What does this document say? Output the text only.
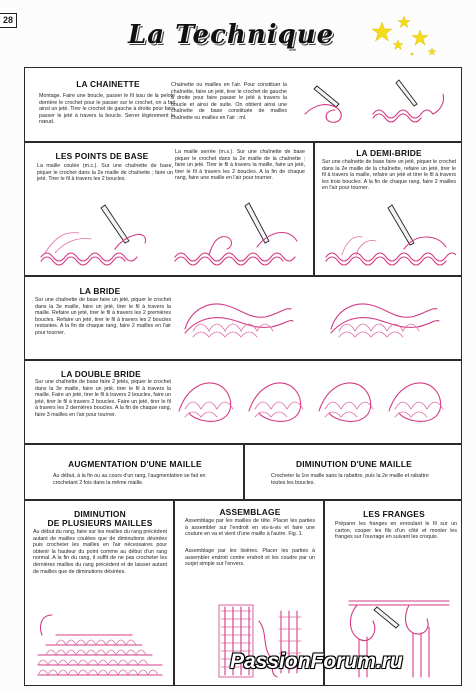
28	La Technique
LA CHAINETTE
Montage. Faire une boucle, passer le fil issu de la pelote derrière le crochet pour le passer sur le crochet, on a fait ainsi un jeté. Tirer le crochet de gauche à droite pour faire passer le jeté à travers la boucle. Serrer légèrement le nœud.
Chaînette ou mailles en l'air. Pour constituer la chaînette, faire un jeté, tirer le crochet de gauche à droite pour faire passer le jeté à travers la boucle et ainsi de suite. On obtient ainsi une chaînette de base constituée de mailles chaînette ou mailles en l'air : ml.
LES POINTS DE BASE
La maille coulée (m.c.). Sur une chaînette de base, piquer le crochet dans la 2e maille de chaînette ; faire un jeté. Tirer le fil à travers les 2 boucles.
La maille serrée (m.s.). Sur une chaînette de base piquer le crochet dans la 2e maille de la chaînette ; faire un jeté. Tirer le fil à travers la maille, faire un jeté, tirer le fil à travers les 2 boucles. A la fin de chaque rang, faire une maille en l'air pour tourner.
LA DEMI-BRIDE
Sur une chaînette de base faire un jeté, piquer le crochet dans la 2e maille de la chaînette, refaire un jeté, tirer le fil à travers la maille, refaire un jeté et tirer le fil à travers les trois boucles. A la fin de chaque rang, faire 2 mailles en l'air pour tourner.
LA BRIDE
Sur une chaînette de base faire un jeté, piquer le crochet dans la 3e maille, faire un jeté, tirer le fil à travers la maille. Refaire un jeté, tirer le fil à travers les 2 premières boucles. Refaire un jeté, tirer le fil à travers les 2 boucles restantes. A la fin de chaque rang, faire 2 mailles en l'air pour tourner.
LA DOUBLE BRIDE
Sur une chaînette de base faire 2 jetés, piquer le crochet dans la 3e maille, faire un jeté, tirer le fil à travers la maille. Faire un jeté, tirer le fil à travers 2 boucles, faire un jeté, tirer le fil à travers 2 boucles. Faire un jeté, tirer le fil à travers les 2 dernières boucles. A la fin de chaque rang, faire 3 mailles en l'air pour tourner.
AUGMENTATION D'UNE MAILLE
Au début, à la fin ou au cours d'un rang, l'augmentation se fait en crochetant 2 fois dans la même maille.
DIMINUTION D'UNE MAILLE
Crocheter la 1re maille sans la rabattre, puis la 2e maille et rabattre toutes les boucles.
DIMINUTION
DE PLUSIEURS MAILLES
Au début du rang, faire sur les mailles du rang précédent autant de mailles coulées que de diminutions désirées puis crocheter les mailles en l'air nécessaires pour obtenir la hauteur du point comme au début d'un rang normal. A la fin du rang, il suffit de ne pas crocheter les dernières mailles du rang précédent et de laisser autant de mailles que de diminutions désirées.
ASSEMBLAGE
Assemblage par les mailles de tête. Placer les parties à assembler sur l'endroit en vis-à-vis et faire une couture en va et vient d'une maille à l'autre. Fig. 1.
Assemblage par les lisières. Placer les parties à assembler endroit contre endroit et les coudre par un surjet simple sur l'envers.
LES FRANGES
Préparer les franges en enroulant le fil sur un carton, couper les fils d'un côté et monter les franges sur l'ouvrage en suivant les croquis.
PassionForum.ru
